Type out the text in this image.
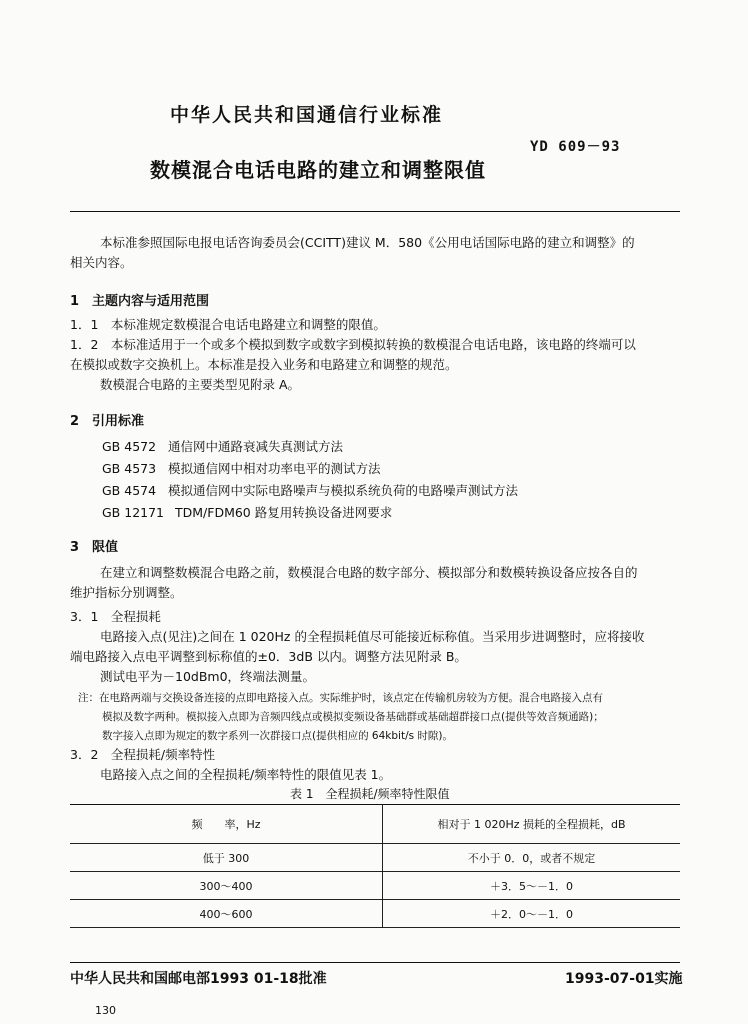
中华人民共和国通信行业标准
YD 609－93
数模混合电话电路的建立和调整限值
本标准参照国际电报电话咨询委员会(CCITT)建议 M．580《公用电话国际电路的建立和调整》的
相关内容。
1　主题内容与适用范围
1．1　本标准规定数模混合电话电路建立和调整的限值。
1．2　本标准适用于一个或多个模拟到数字或数字到模拟转换的数模混合电话电路，该电路的终端可以
在模拟或数字交换机上。本标准是投入业务和电路建立和调整的规范。
数模混合电路的主要类型见附录 A。
2　引用标准
GB 4572 通信网中通路衰减失真测试方法
GB 4573 模拟通信网中相对功率电平的测试方法
GB 4574 模拟通信网中实际电路噪声与模拟系统负荷的电路噪声测试方法
GB 12171 TDM/FDM60 路复用转换设备进网要求
3　限值
在建立和调整数模混合电路之前，数模混合电路的数字部分、模拟部分和数模转换设备应按各自的
维护指标分别调整。
3．1　全程损耗
电路接入点(见注)之间在 1 020Hz 的全程损耗值尽可能接近标称值。当采用步进调整时，应将接收
端电路接入点电平调整到标称值的±0．3dB 以内。调整方法见附录 B。
测试电平为－10dBm0，终端法测量。
注：在电路两端与交换设备连接的点即电路接入点。实际维护时，该点定在传输机房较为方便。混合电路接入点有
模拟及数字两种。模拟接入点即为音频四线点或模拟变频设备基础群或基础超群接口点(提供等效音频通路)；
数字接入点即为规定的数字系列一次群接口点(提供相应的 64kbit/s 时隙)。
3．2　全程损耗/频率特性
电路接入点之间的全程损耗/频率特性的限值见表 1。
表 1　全程损耗/频率特性限值
频　　率，Hz	相对于 1 020Hz 损耗的全程损耗，dB
低于 300	不小于 0．0，或者不规定
300～400	＋3．5～－1．0
400～600	＋2．0～－1．0
中华人民共和国邮电部1993 01-18批准	1993-07-01实施
130
